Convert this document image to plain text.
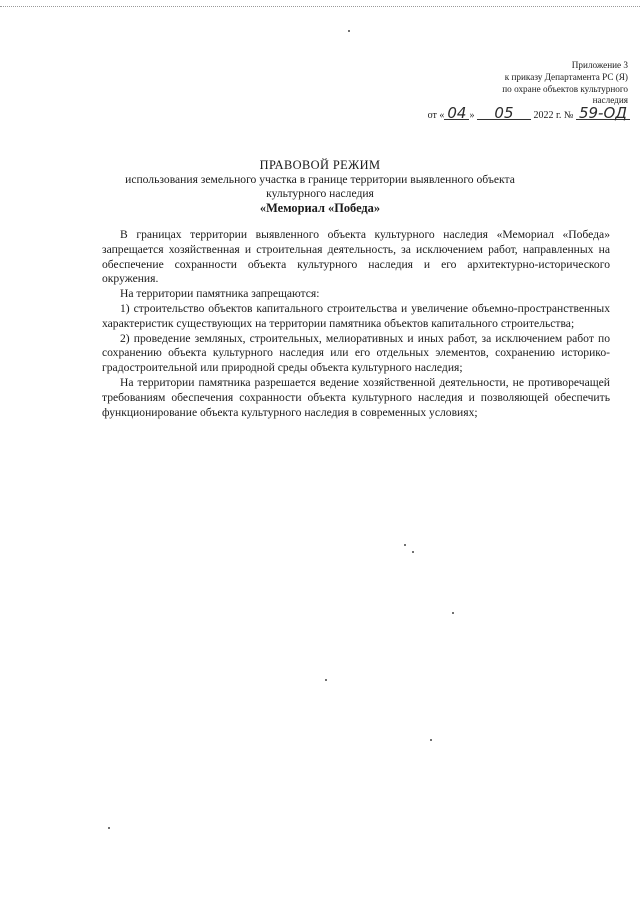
Приложение 3
к приказу Департамента РС (Я)
по охране объектов культурного
наследия
от « 04 » 05 2022 г. № 59-ОД
ПРАВОВОЙ РЕЖИМ
использования земельного участка в границе территории выявленного объекта
культурного наследия
«Мемориал «Победа»

В границах территории выявленного объекта культурного наследия «Мемориал «Победа» запрещается хозяйственная и строительная деятельность, за исключением работ, направленных на обеспечение сохранности объекта культурного наследия и его архитектурно-исторического окружения.

На территории памятника запрещаются:

1) строительство объектов капитального строительства и увеличение объемно-пространственных характеристик существующих на территории памятника объектов капитального строительства;

2) проведение земляных, строительных, мелиоративных и иных работ, за исключением работ по сохранению объекта культурного наследия или его отдельных элементов, сохранению историко-градостроительной или природной среды объекта культурного наследия;

На территории памятника разрешается ведение хозяйственной деятельности, не противоречащей требованиям обеспечения сохранности объекта культурного наследия и позволяющей обеспечить функционирование объекта культурного наследия в современных условиях;
